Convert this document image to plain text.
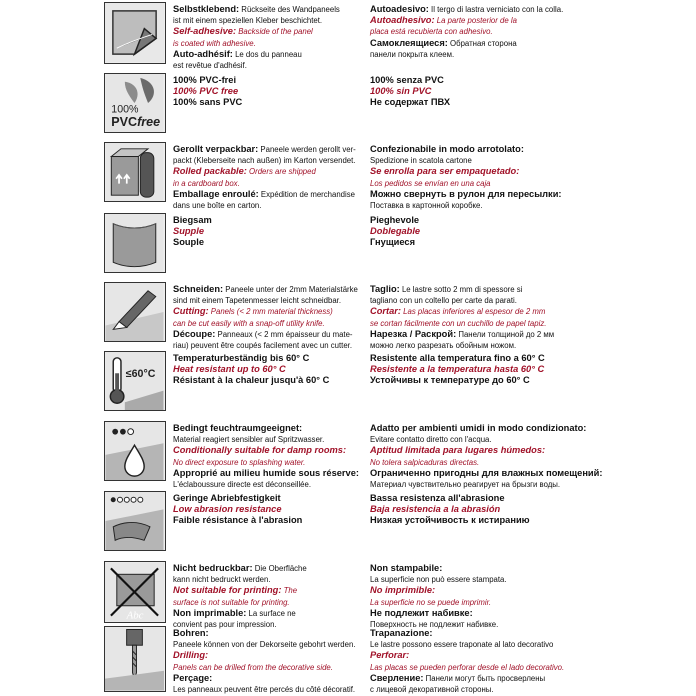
Selbstklebend: Rückseite des Wandpaneels
ist mit einem speziellen Kleber beschichtet.
Self-adhesive: Backside of the panel
is coated with adhesive.
Auto-adhésif: Le dos du panneau
est revêtue d'adhésif.
Autoadesivo: Il tergo di lastra verniciato con la colla.
Autoadhesivo: La parte posterior de la
placa está recubierta con adhesivo.
Самоклеящиеся: Обратная сторона
панели покрыта клеем.
100%
PVCfree
100% PVC-frei
100% PVC free
100% sans PVC
100% senza PVC
100% sin PVC
Не содержат ПВХ
Gerollt verpackbar: Paneele werden gerollt ver-
packt (Kleberseite nach außen) im Karton versendet.
Rolled packable: Orders are shipped
in a cardboard box.
Emballage enroulé: Expédition de merchandise
dans une boîte en carton.
Confezionabile in modo arrotolato:
Spedizione in scatola cartone
Se enrolla para ser empaquetado:
Los pedidos se envían en una caja
Можно свернуть в рулон для пересылки:
Поставка в картонной коробке.
Biegsam
Supple
Souple
Pieghevole
Doblegable
Гнущиеся
Schneiden: Paneele unter der 2mm Materialstärke
sind mit einem Tapetenmesser leicht schneidbar.
Cutting: Panels (< 2 mm material thickness)
can be cut easily with a snap-off utility knife.
Découpe: Panneaux (< 2 mm épaisseur du mate-
riau) peuvent être coupés facilement avec un cutter.
Taglio: Le lastre sotto 2 mm di spessore si
tagliano con un coltello per carte da parati.
Cortar: Las placas inferiores al espesor de 2 mm
se cortan fácilmente con un cuchillo de papel tapiz.
Нарезка / Раскрой: Панели толщиной до 2 мм
можно легко разрезать обойным ножом.
≤60°C
Temperaturbeständig bis 60° C
Heat resistant up to 60° C
Résistant à la chaleur jusqu'à 60° C
Resistente alla temperatura fino a 60° C
Resistente a la temperatura hasta 60° C
Устойчивы к температуре до 60° С
Bedingt feuchtraumgeeignet:
Material reagiert sensibler auf Spritzwasser.
Conditionally suitable for damp rooms:
No direct exposure to splashing water.
Approprié au milieu humide sous réserve:
L'éclaboussure directe est déconseillée.
Adatto per ambienti umidi in modo condizionato:
Evitare contatto diretto con l'acqua.
Aptitud limitada para lugares húmedos:
No tolera salpicaduras directas.
Ограниченно пригодны для влажных помещений:
Материал чувствительно реагирует на брызги воды.
Geringe Abriebfestigkeit
Low abrasion resistance
Faible résistance à l'abrasion
Bassa resistenza all'abrasione
Baja resistencia a la abrasión
Низкая устойчивость к истиранию
Abc
Nicht bedruckbar: Die Oberfläche
kann nicht bedruckt werden.
Not suitable for printing: The
surface is not suitable for printing.
Non imprimable: La surface ne
convient pas pour impression.
Non stampabile:
La superficie non può essere stampata.
No imprimible:
La superficie no se puede imprimir.
Не подлежит набивке:
Поверхность не подлежит набивке.
Bohren:
Paneele können von der Dekorseite gebohrt werden.
Drilling:
Panels can be drilled from the decorative side.
Perçage:
Les panneaux peuvent être percés du côté décoratif.
Trapanazione:
Le lastre possono essere traponate al lato decorativo
Perforar:
Las placas se pueden perforar desde el lado decorativo.
Сверление: Панели могут быть просверлены
с лицевой декоративной стороны.
